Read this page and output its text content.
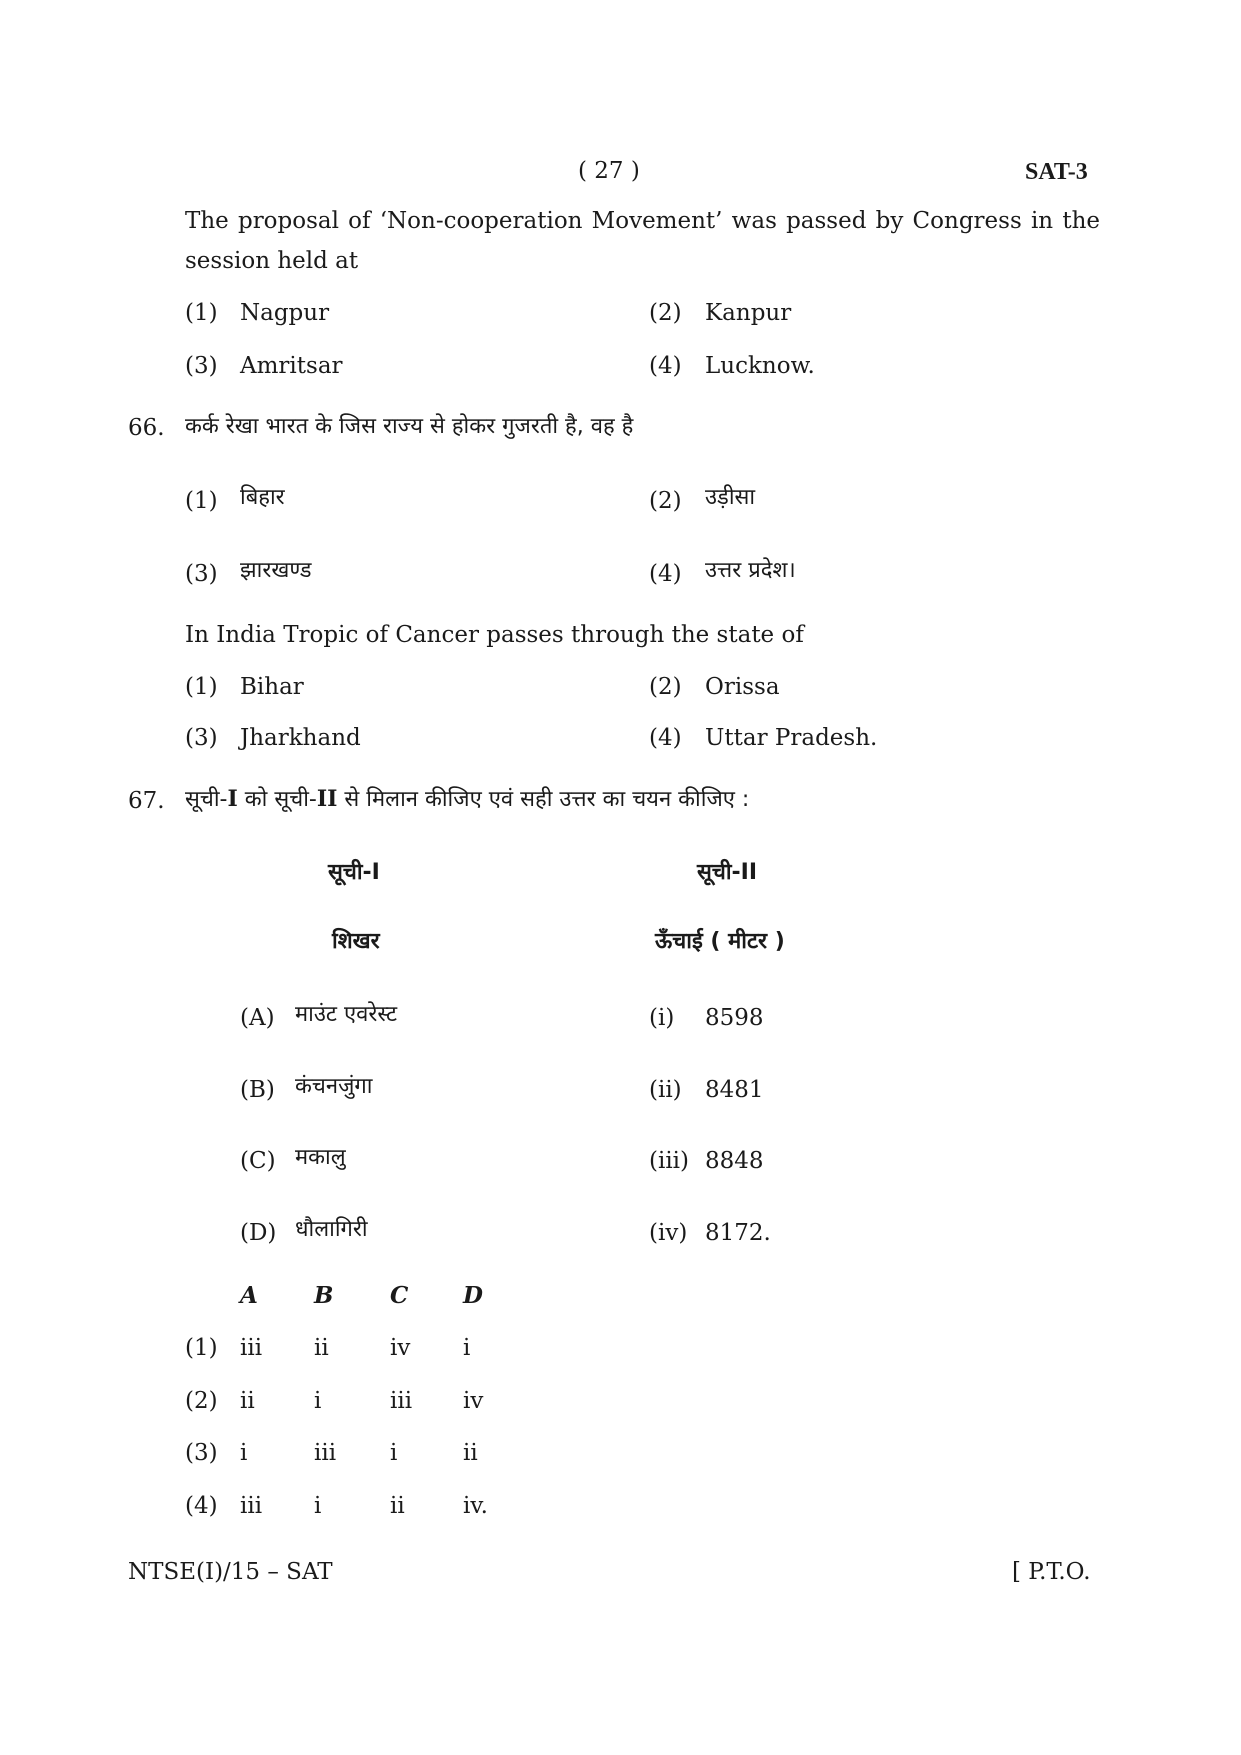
( 27 )	SAT-3
The proposal of ‘Non-cooperation Movement’ was passed by Congress in the
session held at
(1) Nagpur	(2) Kanpur
(3) Amritsar	(4) Lucknow.
66. कर्क रेखा भारत के जिस राज्य से होकर गुजरती है, वह है
(1) बिहार	(2) उड़ीसा
(3) झारखण्ड	(4) उत्तर प्रदेश।
In India Tropic of Cancer passes through the state of
(1) Bihar	(2) Orissa
(3) Jharkhand	(4) Uttar Pradesh.
67. सूची-I को सूची-II से मिलान कीजिए एवं सही उत्तर का चयन कीजिए :
सूची-I	सूची-II
शिखर	ऊँचाई ( मीटर )
(A) माउंट एवरेस्ट	(i) 8598
(B) कंचनजुंगा	(ii) 8481
(C) मकालु	(iii) 8848
(D) धौलागिरी	(iv) 8172.
A B C D
(1) iii ii	iv i
(2) ii	i	iii iv
(3) i	iii i	ii
(4) iii i	ii	iv.
NTSE(I)/15 – SAT	[ P.T.O.
